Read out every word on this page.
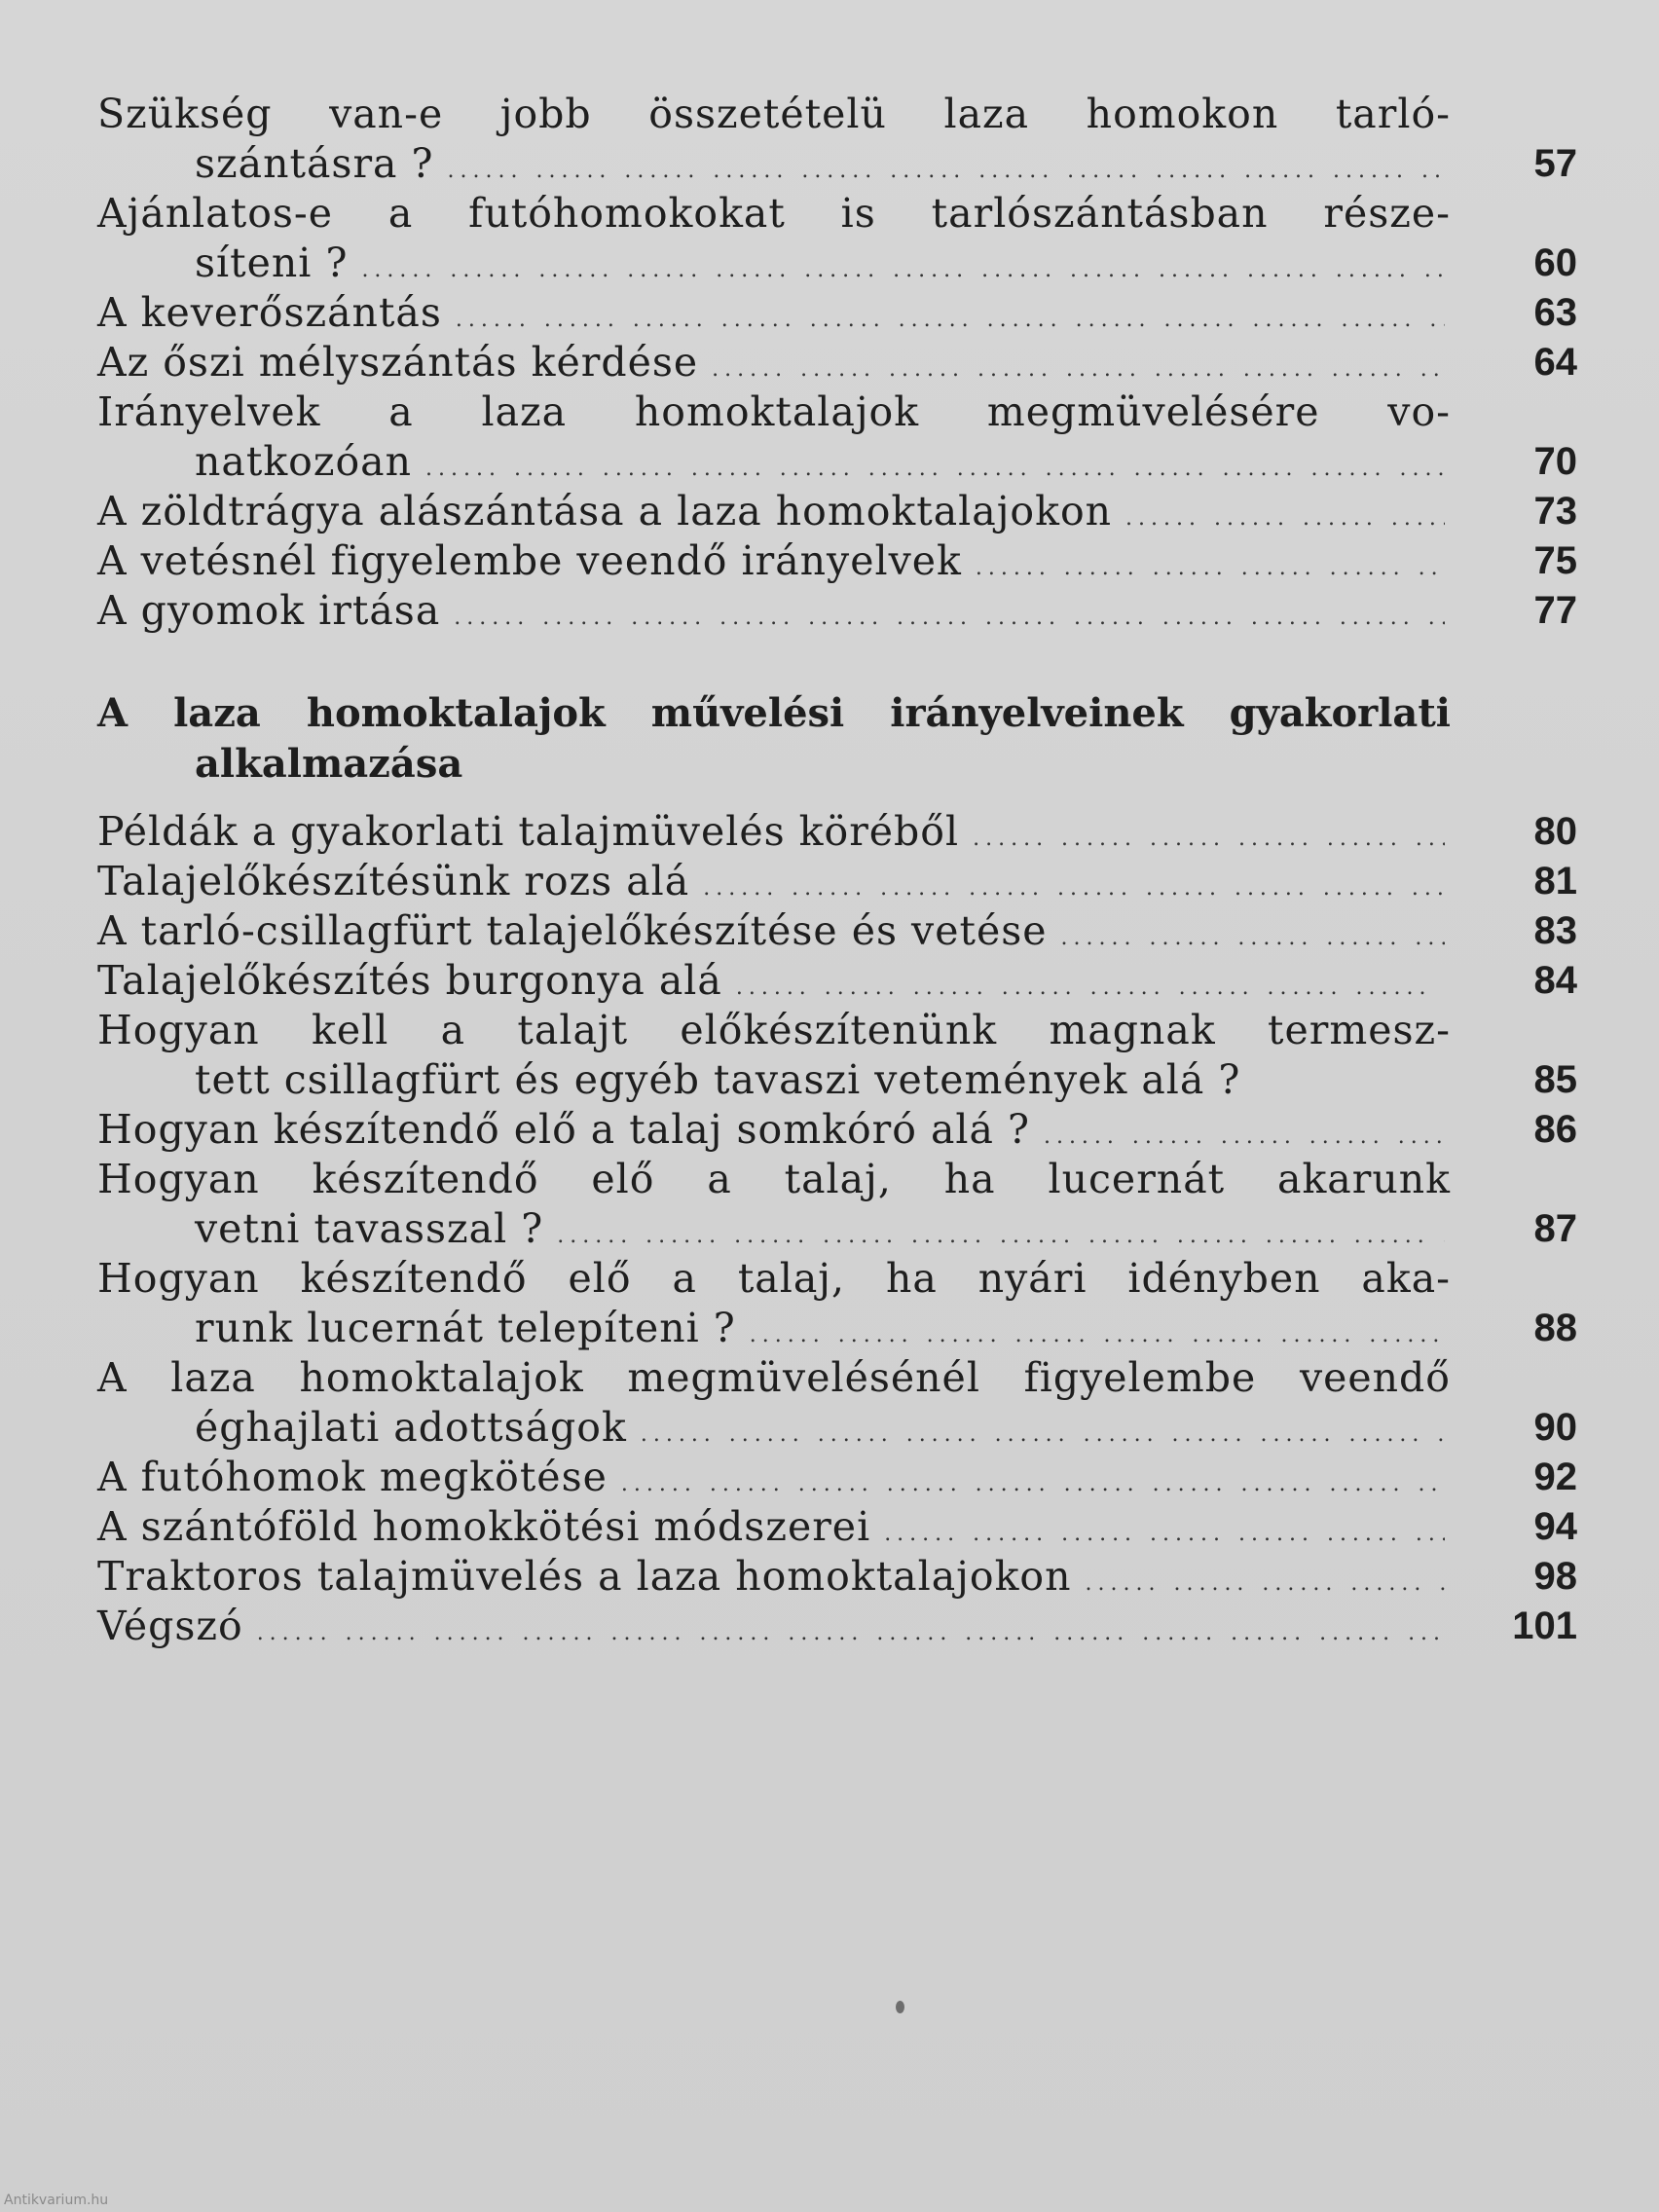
Szükség van-e jobb összetételü laza homokon tarló-
szántásra ? .....	57
Ajánlatos-e a futóhomokokat is tarlószántásban része-
síteni ? .....	60
A keverőszántás .....	63
Az őszi mélyszántás kérdése .....	64
Irányelvek a laza homoktalajok megmüvelésére vo-
natkozóan .....	70
A zöldtrágya alászántása a laza homoktalajokon .....	73
A vetésnél figyelembe veendő irányelvek .....	75
A gyomok irtása .....	77
A laza homoktalajok művelési irányelveinek gyakorlati
alkalmazása
Példák a gyakorlati talajmüvelés köréből .....	80
Talajelőkészítésünk rozs alá .....	81
A tarló-csillagfürt talajelőkészítése és vetése .....	83
Talajelőkészítés burgonya alá .....	84
Hogyan kell a talajt előkészítenünk magnak termesz-
tett csillagfürt és egyéb tavaszi vetemények alá ?	85
Hogyan készítendő elő a talaj somkóró alá ? .....	86
Hogyan készítendő elő a talaj, ha lucernát akarunk
vetni tavasszal ? .....	87
Hogyan készítendő elő a talaj, ha nyári idényben aka-
runk lucernát telepíteni ? .....	88
A laza homoktalajok megmüvelésénél figyelembe veendő
éghajlati adottságok .....	90
A futóhomok megkötése .....	92
A szántóföld homokkötési módszerei .....	94
Traktoros talajmüvelés a laza homoktalajokon .....	98
Végszó .....	101
Antikvarium.hu
